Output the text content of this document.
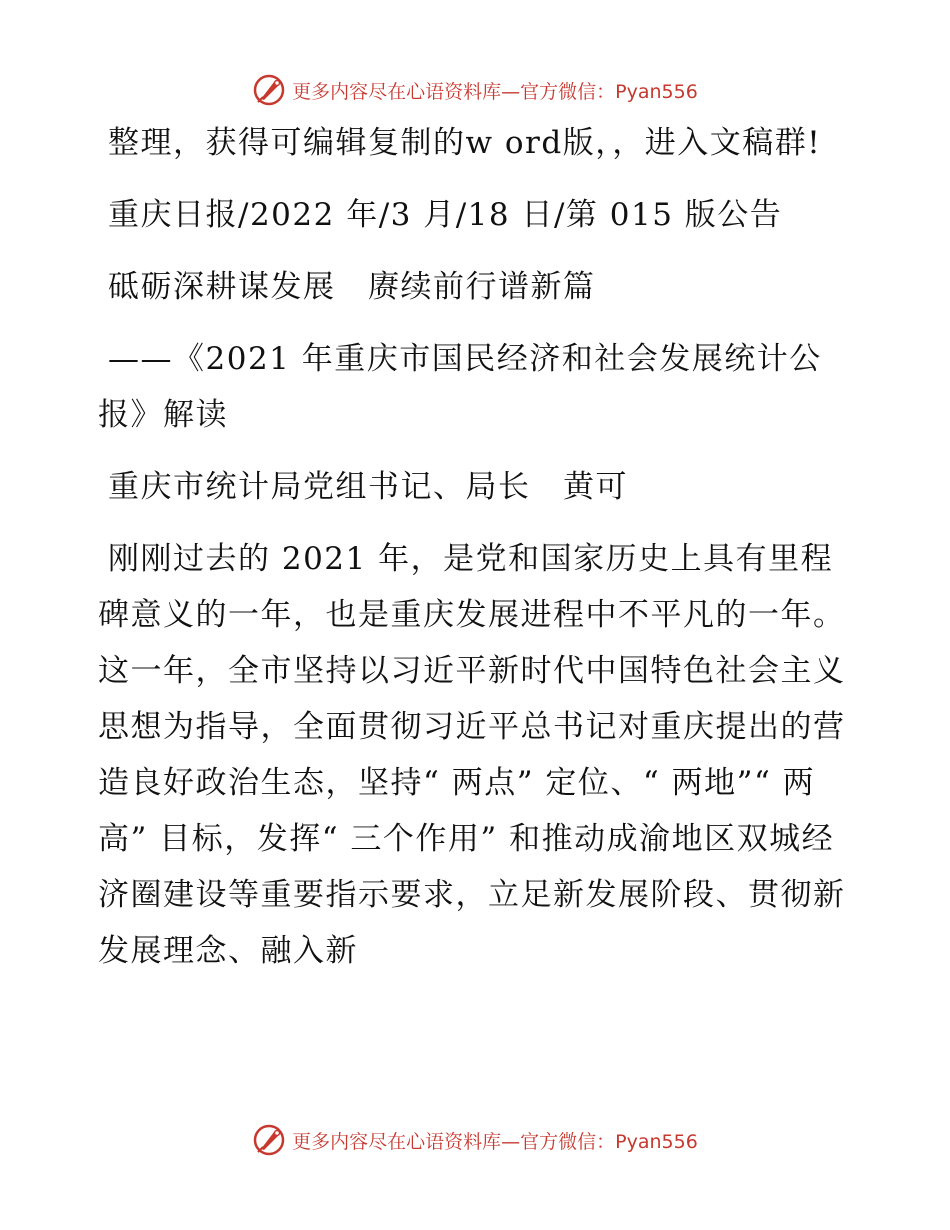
更多内容尽在心语资料库—官方微信：Pyan556

整理，获得可编辑复制的w ord版，，进入文稿群!

重庆日报/2022 年/3 月/18 日/第 015 版公告

砥砺深耕谋发展　赓续前行谱新篇

——《2021 年重庆市国民经济和社会发展统计公报》解读

重庆市统计局党组书记、局长　黄可

刚刚过去的 2021 年，是党和国家历史上具有里程碑意义的一年，也是重庆发展进程中不平凡的一年。这一年，全市坚持以习近平新时代中国特色社会主义思想为指导，全面贯彻习近平总书记对重庆提出的营造良好政治生态，坚持“ 两点” 定位、“ 两地”“ 两高” 目标，发挥“ 三个作用” 和推动成渝地区双城经济圈建设等重要指示要求，立足新发展阶段、贯彻新发展理念、融入新

更多内容尽在心语资料库—官方微信：Pyan556
